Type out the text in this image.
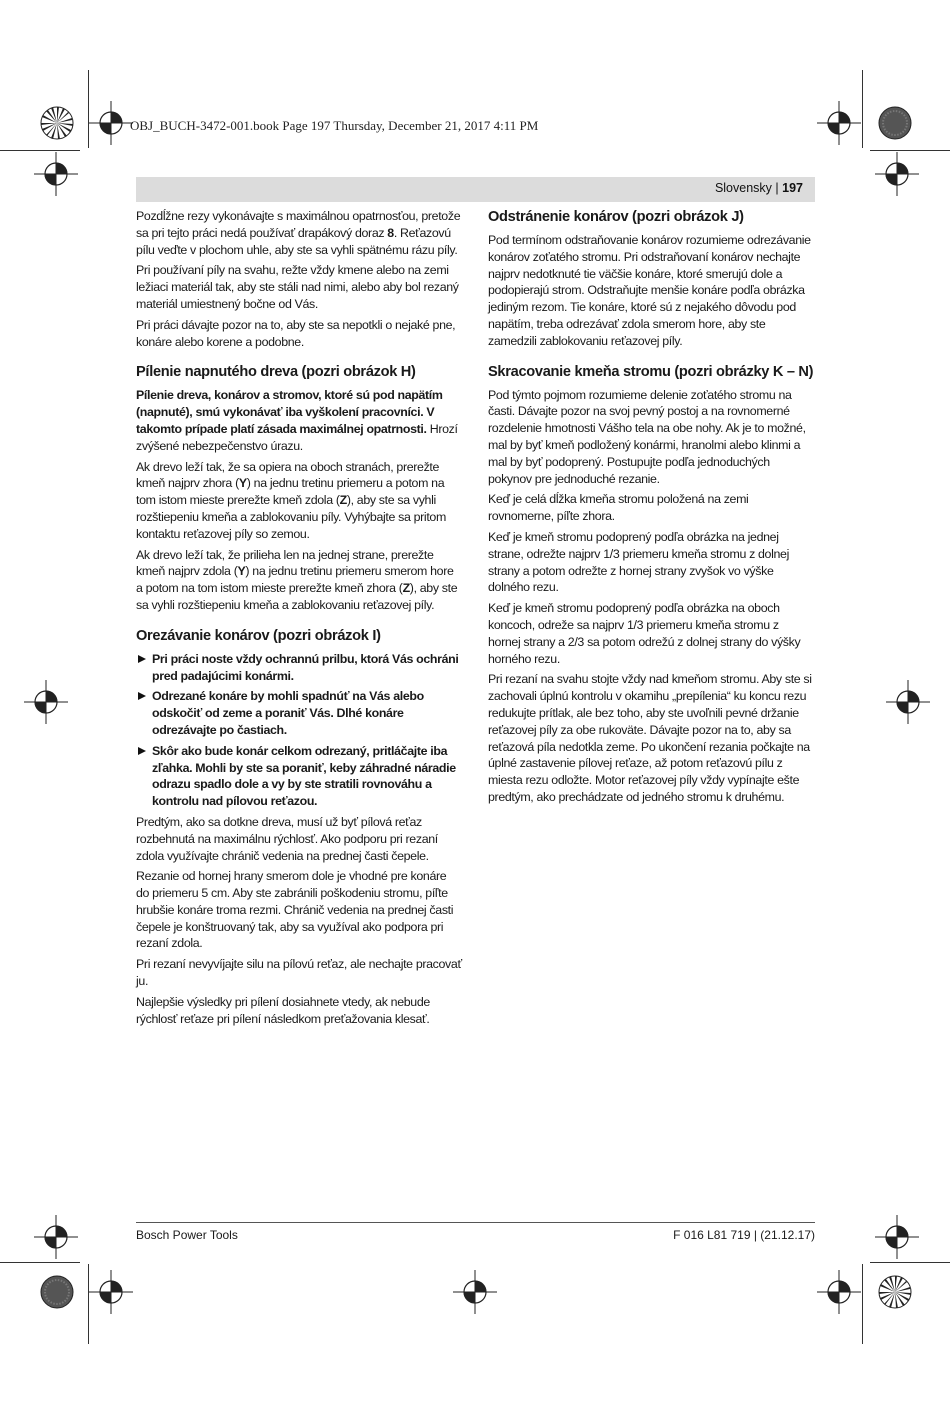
OBJ_BUCH-3472-001.book Page 197 Thursday, December 21, 2017 4:11 PM
Slovensky | 197

Pozdĺžne rezy vykonávajte s maximálnou opatrnosťou, pretože sa pri tejto práci nedá používať drapákový doraz 8. Reťazovú pílu veďte v plochom uhle, aby ste sa vyhli spätnému rázu píly.

Pri používaní píly na svahu, režte vždy kmene alebo na zemi ležiaci materiál tak, aby ste stáli nad nimi, alebo aby bol rezaný materiál umiestnený bočne od Vás.

Pri práci dávajte pozor na to, aby ste sa nepotkli o nejaké pne, konáre alebo korene a podobne.

Pílenie napnutého dreva (pozri obrázok H)

Pílenie dreva, konárov a stromov, ktoré sú pod napätím (napnuté), smú vykonávať iba vyškolení pracovníci. V takomto prípade platí zásada maximálnej opatrnosti. Hrozí zvýšené nebezpečenstvo úrazu.

Ak drevo leží tak, že sa opiera na oboch stranách, prerežte kmeň najprv zhora (Y) na jednu tretinu priemeru a potom na tom istom mieste prerežte kmeň zdola (Z), aby ste sa vyhli rozštiepeniu kmeňa a zablokovaniu píly. Vyhýbajte sa pritom kontaktu reťazovej píly so zemou.

Ak drevo leží tak, že prilieha len na jednej strane, prerežte kmeň najprv zdola (Y) na jednu tretinu priemeru smerom hore a potom na tom istom mieste prerežte kmeň zhora (Z), aby ste sa vyhli rozštiepeniu kmeňa a zablokovaniu reťazovej píly.

Orezávanie konárov (pozri obrázok I)
Pri práci noste vždy ochrannú prilbu, ktorá Vás ochráni pred padajúcimi konármi.
Odrezané konáre by mohli spadnúť na Vás alebo odskočiť od zeme a poraniť Vás. Dlhé konáre odrezávajte po častiach.
Skôr ako bude konár celkom odrezaný, pritláčajte iba zľahka. Mohli by ste sa poraniť, keby záhradné náradie odrazu spadlo dole a vy by ste stratili rovnováhu a kontrolu nad pílovou reťazou.

Predtým, ako sa dotkne dreva, musí už byť pílová reťaz rozbehnutá na maximálnu rýchlosť. Ako podporu pri rezaní zdola využívajte chránič vedenia na prednej časti čepele.

Rezanie od hornej hrany smerom dole je vhodné pre konáre do priemeru 5 cm. Aby ste zabránili poškodeniu stromu, píľte hrubšie konáre troma rezmi. Chránič vedenia na prednej časti čepele je konštruovaný tak, aby sa využíval ako podpora pri rezaní zdola.

Pri rezaní nevyvíjajte silu na pílovú reťaz, ale nechajte pracovať ju.

Najlepšie výsledky pri pílení dosiahnete vtedy, ak nebude rýchlosť reťaze pri pílení následkom preťažovania klesať.

Odstránenie konárov (pozri obrázok J)

Pod termínom odstraňovanie konárov rozumieme odrezávanie konárov zoťatého stromu. Pri odstraňovaní konárov nechajte najprv nedotknuté tie väčšie konáre, ktoré smerujú dole a podopierajú strom. Odstraňujte menšie konáre podľa obrázka jediným rezom. Tie konáre, ktoré sú z nejakého dôvodu pod napätím, treba odrezávať zdola smerom hore, aby ste zamedzili zablokovaniu reťazovej píly.

Skracovanie kmeňa stromu (pozri obrázky K – N)

Pod týmto pojmom rozumieme delenie zoťatého stromu na časti. Dávajte pozor na svoj pevný postoj a na rovnomerné rozdelenie hmotnosti Vášho tela na obe nohy. Ak je to možné, mal by byť kmeň podložený konármi, hranolmi alebo klinmi a mal by byť podoprený. Postupujte podľa jednoduchých pokynov pre jednoduché rezanie.

Keď je celá dĺžka kmeňa stromu položená na zemi rovnomerne, píľte zhora.

Keď je kmeň stromu podoprený podľa obrázka na jednej strane, odrežte najprv 1/3 priemeru kmeňa stromu z dolnej strany a potom odrežte z hornej strany zvyšok vo výške dolného rezu.

Keď je kmeň stromu podoprený podľa obrázka na oboch koncoch, odreže sa najprv 1/3 priemeru kmeňa stromu z hornej strany a 2/3 sa potom odrežú z dolnej strany do výšky horného rezu.

Pri rezaní na svahu stojte vždy nad kmeňom stromu. Aby ste si zachovali úplnú kontrolu v okamihu „prepílenia“ ku koncu rezu redukujte prítlak, ale bez toho, aby ste uvoľnili pevné držanie reťazovej píly za obe rukoväte. Dávajte pozor na to, aby sa reťazová píla nedotkla zeme. Po ukončení rezania počkajte na úplné zastavenie pílovej reťaze, až potom reťazovú pílu z miesta rezu odložte. Motor reťazovej píly vždy vypínajte ešte predtým, ako prechádzate od jedného stromu k druhému.

Bosch Power Tools	F 016 L81 719 | (21.12.17)
